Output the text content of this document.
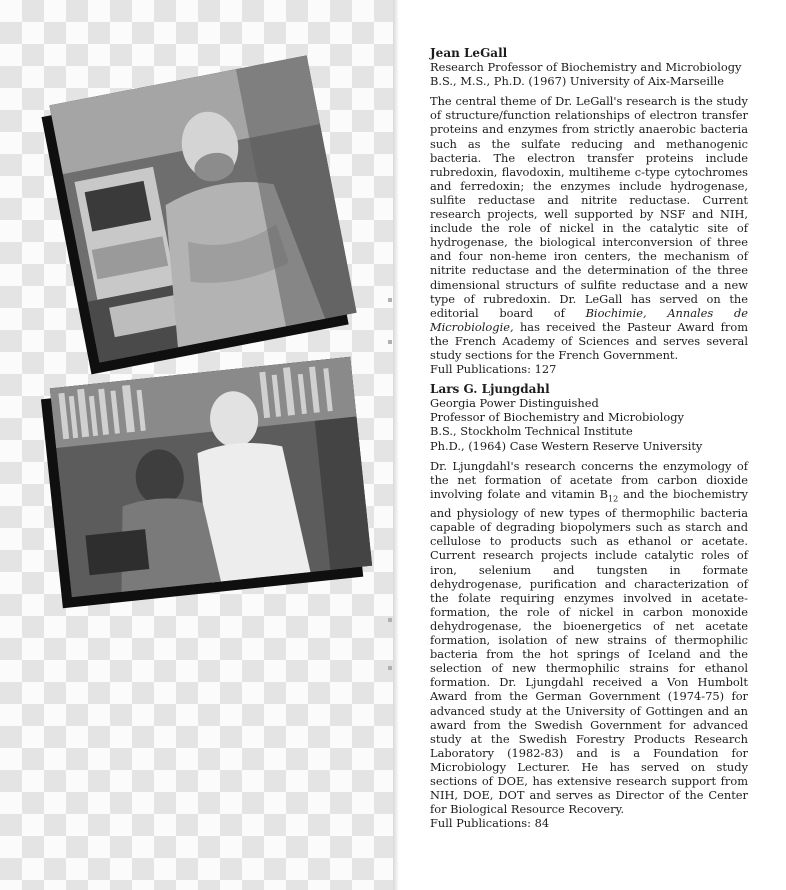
Jean LeGall
Research Professor of Biochemistry and Microbiology
B.S., M.S., Ph.D. (1967) University of Aix-Marseille
The central theme of Dr. LeGall's research is the study of structure/function relationships of electron transfer proteins and enzymes from strictly anaerobic bacteria such as the sulfate reducing and methanogenic bacteria. The electron transfer proteins include rubredoxin, flavodoxin, multiheme c-type cytochromes and ferredoxin; the enzymes include hydrogenase, sulfite reductase and nitrite reductase. Current research projects, well supported by NSF and NIH, include the role of nickel in the catalytic site of hydrogenase, the biological interconversion of three and four non-heme iron centers, the mechanism of nitrite reductase and the determination of the three dimensional structurs of sulfite reductase and a new type of rubredoxin. Dr. LeGall has served on the editorial board of Biochimie, Annales de Microbiologie, has received the Pasteur Award from the French Academy of Sciences and serves several study sections for the French Government.
Full Publications: 127
Lars G. Ljungdahl
Georgia Power Distinguished
Professor of Biochemistry and Microbiology
B.S., Stockholm Technical Institute
Ph.D., (1964) Case Western Reserve University
Dr. Ljungdahl's research concerns the enzymology of the net formation of acetate from carbon dioxide involving folate and vitamin $B_{12}$ and the biochemistry and physiology of new types of thermophilic bacteria capable of degrading biopolymers such as starch and cellulose to products such as ethanol or acetate. Current research projects include catalytic roles of iron, selenium and tungsten in formate dehydrogenase, purification and characterization of the folate requiring enzymes involved in acetate-formation, the role of nickel in carbon monoxide dehydrogenase, the bioenergetics of net acetate formation, isolation of new strains of thermophilic bacteria from the hot springs of Iceland and the selection of new thermophilic strains for ethanol formation. Dr. Ljungdahl received a Von Humbolt Award from the German Government (1974-75) for advanced study at the University of Gottingen and an award from the Swedish Government for advanced study at the Swedish Forestry Products Research Laboratory (1982-83) and is a Foundation for Microbiology Lecturer. He has served on study sections of DOE, has extensive research support from NIH, DOE, DOT and serves as Director of the Center for Biological Resource Recovery.
Full Publications: 84
